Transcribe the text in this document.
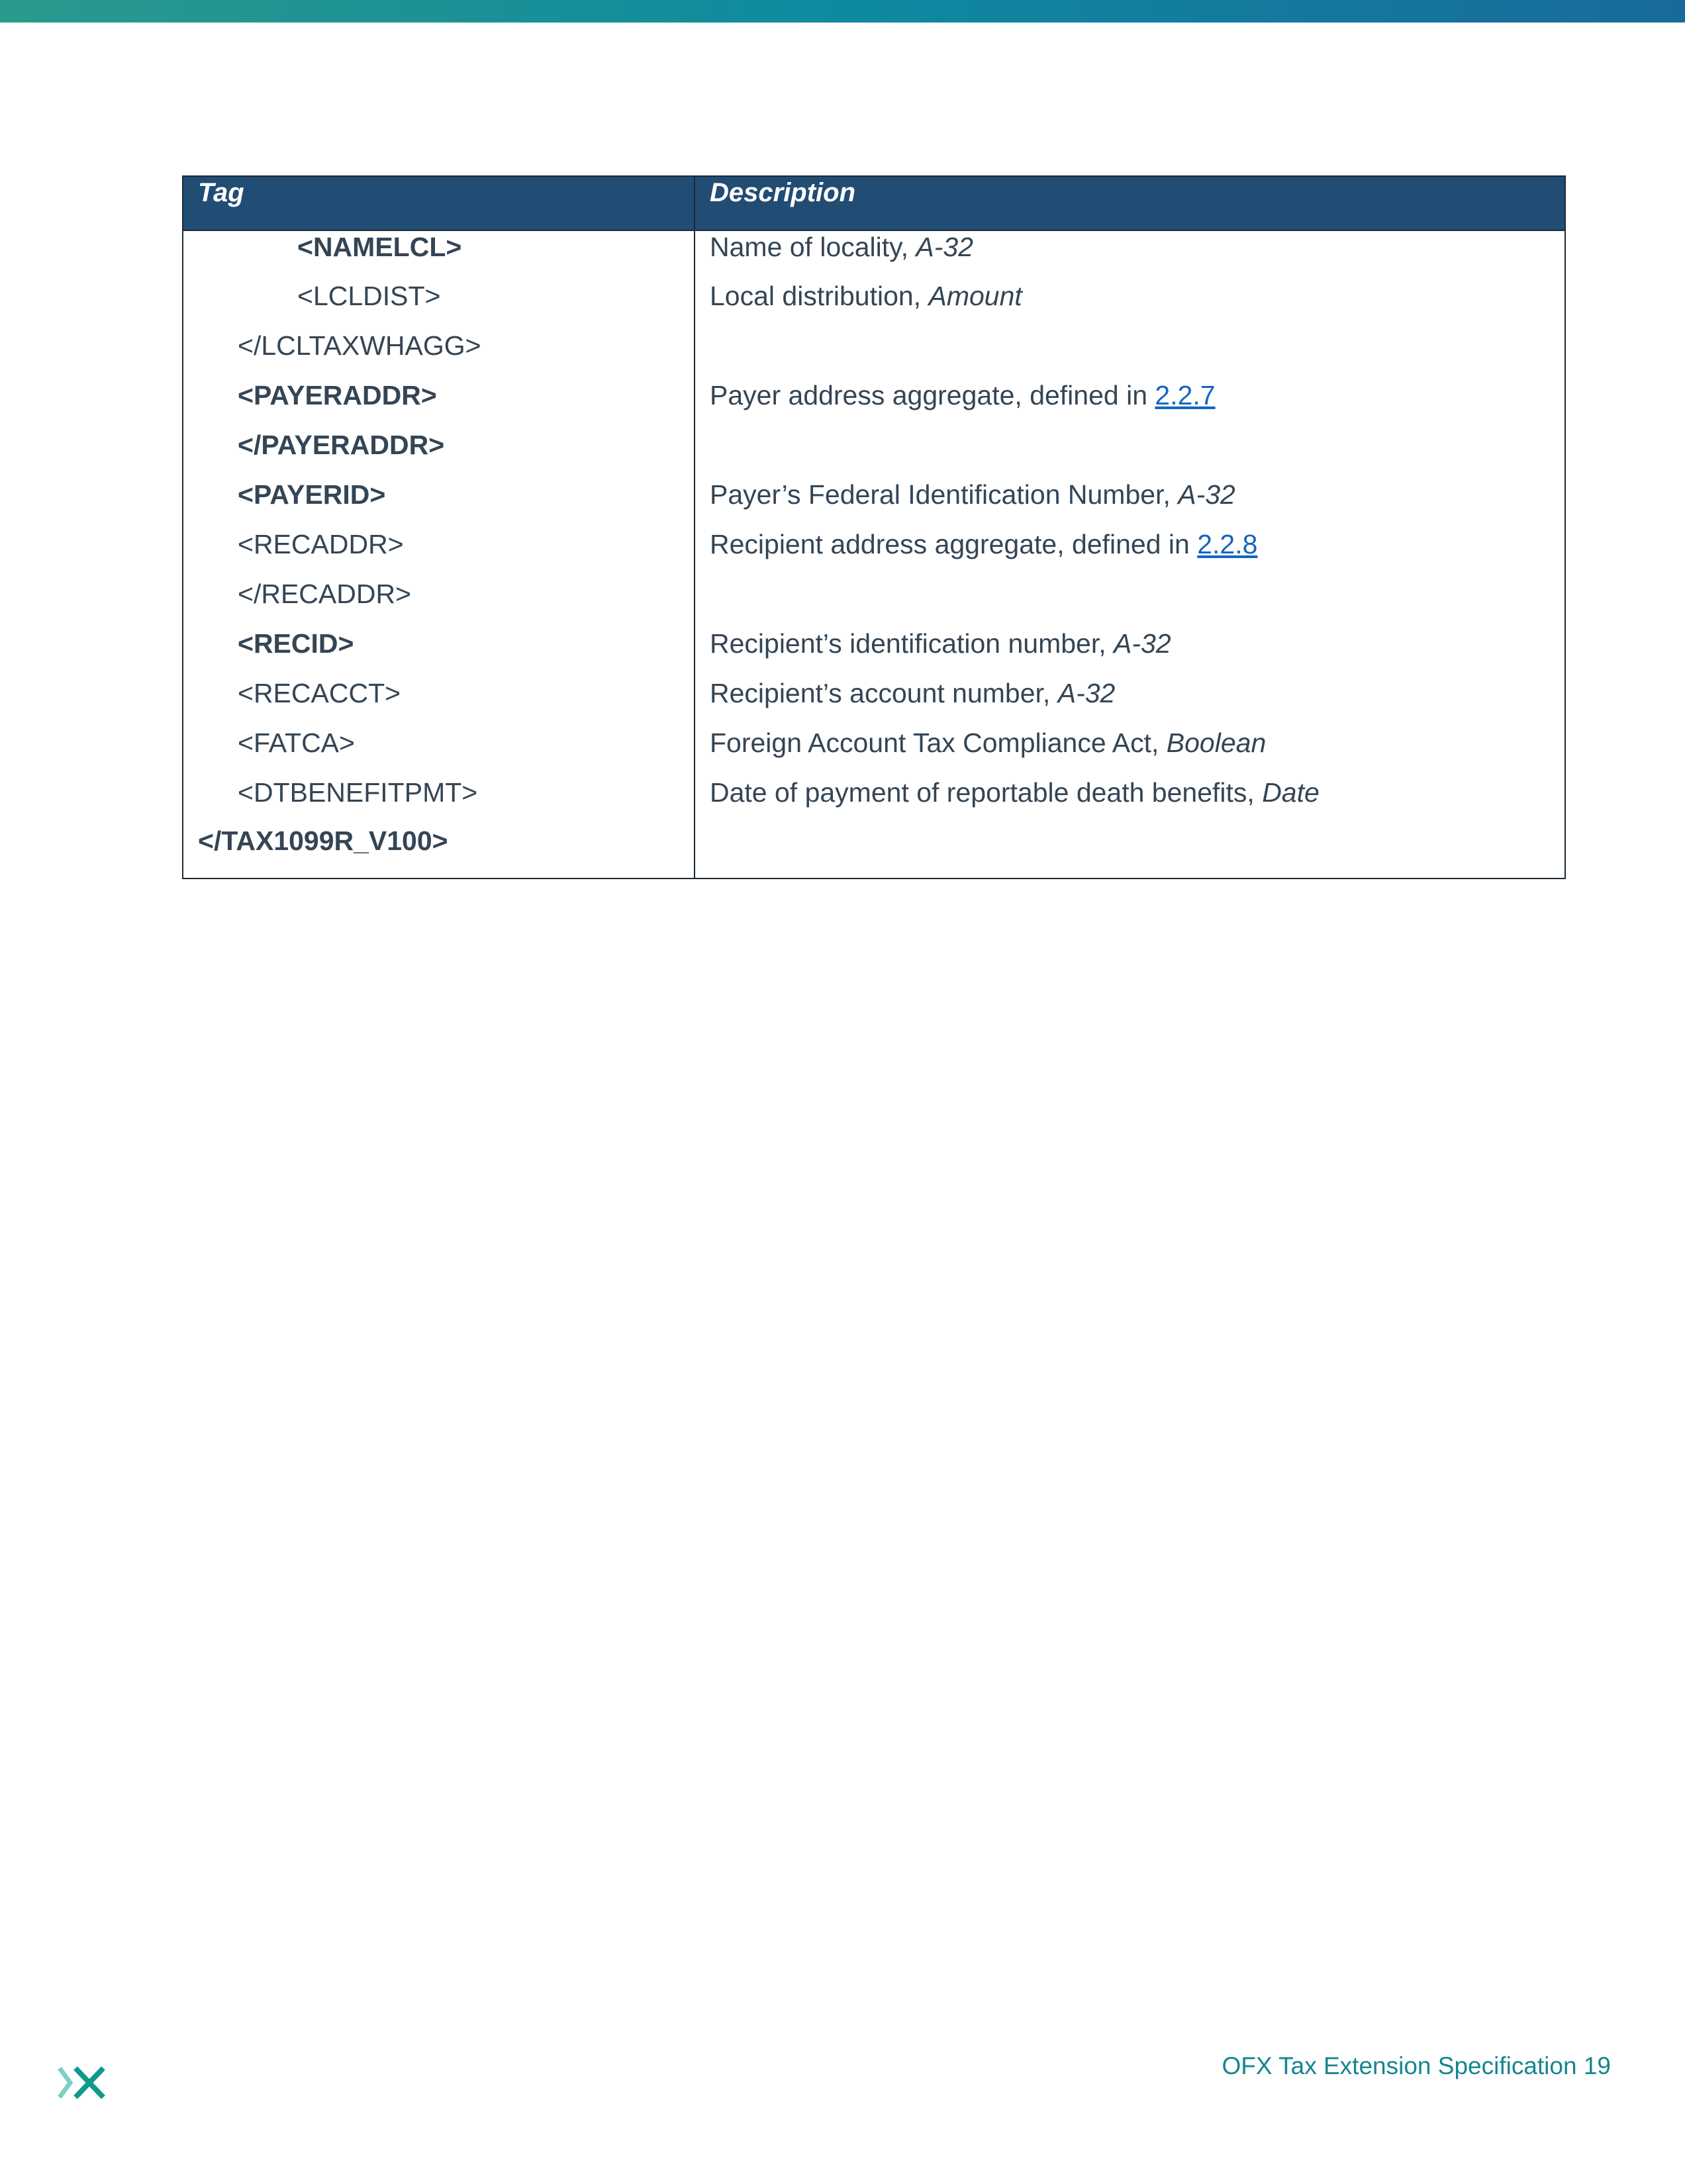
Tag	Description
<NAMELCL>	Name of locality, A-32
<LCLDIST>	Local distribution, Amount
</LCLTAXWHAGG>	
<PAYERADDR>	Payer address aggregate, defined in 2.2.7
</PAYERADDR>	
<PAYERID>	Payer’s Federal Identification Number, A-32
<RECADDR>	Recipient address aggregate, defined in 2.2.8
</RECADDR>	
<RECID>	Recipient’s identification number, A-32
<RECACCT>	Recipient’s account number, A-32
<FATCA>	Foreign Account Tax Compliance Act, Boolean
<DTBENEFITPMT>	Date of payment of reportable death benefits, Date
</TAX1099R_V100>	
OFX Tax Extension Specification 19
